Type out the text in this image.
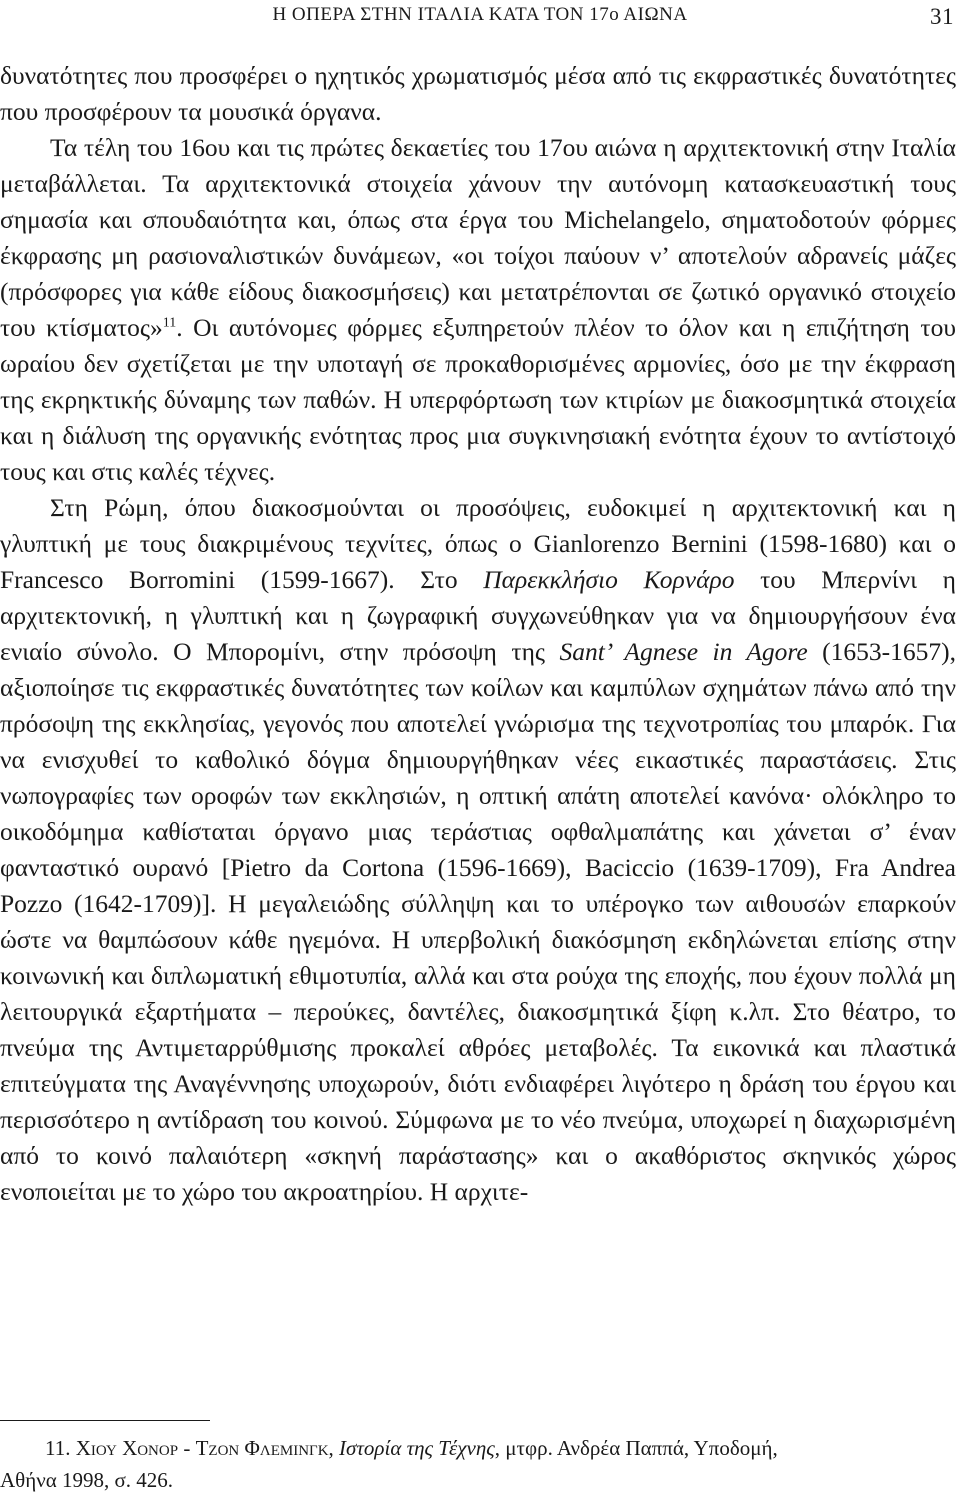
Η ΟΠΕΡΑ ΣΤΗΝ ΙΤΑΛΙΑ ΚΑΤΑ ΤΟΝ 17ο ΑΙΩΝΑ	31

δυνατότητες που προσφέρει ο ηχητικός χρωματισμός μέσα από τις εκφραστικές δυνατότητες που προσφέρουν τα μουσικά όργανα.

Τα τέλη του 16ου και τις πρώτες δεκαετίες του 17ου αιώνα η αρχιτεκτονική στην Ιταλία μεταβάλλεται. Τα αρχιτεκτονικά στοιχεία χάνουν την αυτόνομη κατασκευαστική τους σημασία και σπουδαιότητα και, όπως στα έργα του Michelangelo, σηματοδοτούν φόρμες έκφρασης μη ρασιοναλιστικών δυνάμεων, «οι τοίχοι παύουν ν’ αποτελούν αδρανείς μάζες (πρόσφορες για κάθε είδους διακοσμήσεις) και μετατρέπονται σε ζωτικό οργανικό στοιχείο του κτίσματος»$^{11}$. Οι αυτόνομες φόρμες εξυπηρετούν πλέον το όλον και η επιζήτηση του ωραίου δεν σχετίζεται με την υποταγή σε προκαθορισμένες αρμονίες, όσο με την έκφραση της εκρηκτικής δύναμης των παθών. Η υπερφόρτωση των κτιρίων με διακοσμητικά στοιχεία και η διάλυση της οργανικής ενότητας προς μια συγκινησιακή ενότητα έχουν το αντίστοιχό τους και στις καλές τέχνες.

Στη Ρώμη, όπου διακοσμούνται οι προσόψεις, ευδοκιμεί η αρχιτεκτονική και η γλυπτική με τους διακριμένους τεχνίτες, όπως ο Gianlorenzo Bernini (1598-1680) και ο Francesco Borromini (1599-1667). Στο Παρεκκλήσιο Κορνάρο του Μπερνίνι η αρχιτεκτονική, η γλυπτική και η ζωγραφική συγχωνεύθηκαν για να δημιουργήσουν ένα ενιαίο σύνολο. Ο Μπορομίνι, στην πρόσοψη της Sant’ Agnese in Agore (1653-1657), αξιοποίησε τις εκφραστικές δυνατότητες των κοίλων και καμπύλων σχημάτων πάνω από την πρόσοψη της εκκλησίας, γεγονός που αποτελεί γνώρισμα της τεχνοτροπίας του μπαρόκ. Για να ενισχυθεί το καθολικό δόγμα δημιουργήθηκαν νέες εικαστικές παραστάσεις. Στις νωπογραφίες των οροφών των εκκλησιών, η οπτική απάτη αποτελεί κανόνα· ολόκληρο το οικοδόμημα καθίσταται όργανο μιας τεράστιας οφθαλμαπάτης και χάνεται σ’ έναν φανταστικό ουρανό [Pietro da Cortona (1596-1669), Baciccio (1639-1709), Fra Andrea Pozzo (1642-1709)]. Η μεγαλειώδης σύλληψη και το υπέρογκο των αιθουσών επαρκούν ώστε να θαμπώσουν κάθε ηγεμόνα. Η υπερβολική διακόσμηση εκδηλώνεται επίσης στην κοινωνική και διπλωματική εθιμοτυπία, αλλά και στα ρούχα της εποχής, που έχουν πολλά μη λειτουργικά εξαρτήματα – περούκες, δαντέλες, διακοσμητικά ξίφη κ.λπ. Στο θέατρο, το πνεύμα της Αντιμεταρρύθμισης προκαλεί αθρόες μεταβολές. Τα εικονικά και πλαστικά επιτεύγματα της Αναγέννησης υποχωρούν, διότι ενδιαφέρει λιγότερο η δράση του έργου και περισσότερο η αντίδραση του κοινού. Σύμφωνα με το νέο πνεύμα, υποχωρεί η διαχωρισμένη από το κοινό παλαιότερη «σκηνή παράστασης» και ο ακαθόριστος σκηνικός χώρος ενοποιείται με το χώρο του ακροατηρίου. Η αρχιτε-

11. Χιου Χονορ - Τζον Φλεμινγκ, Ιστορία της Τέχνης, μτφρ. Ανδρέα Παππά, Υποδομή,
Αθήνα 1998, σ. 426.
